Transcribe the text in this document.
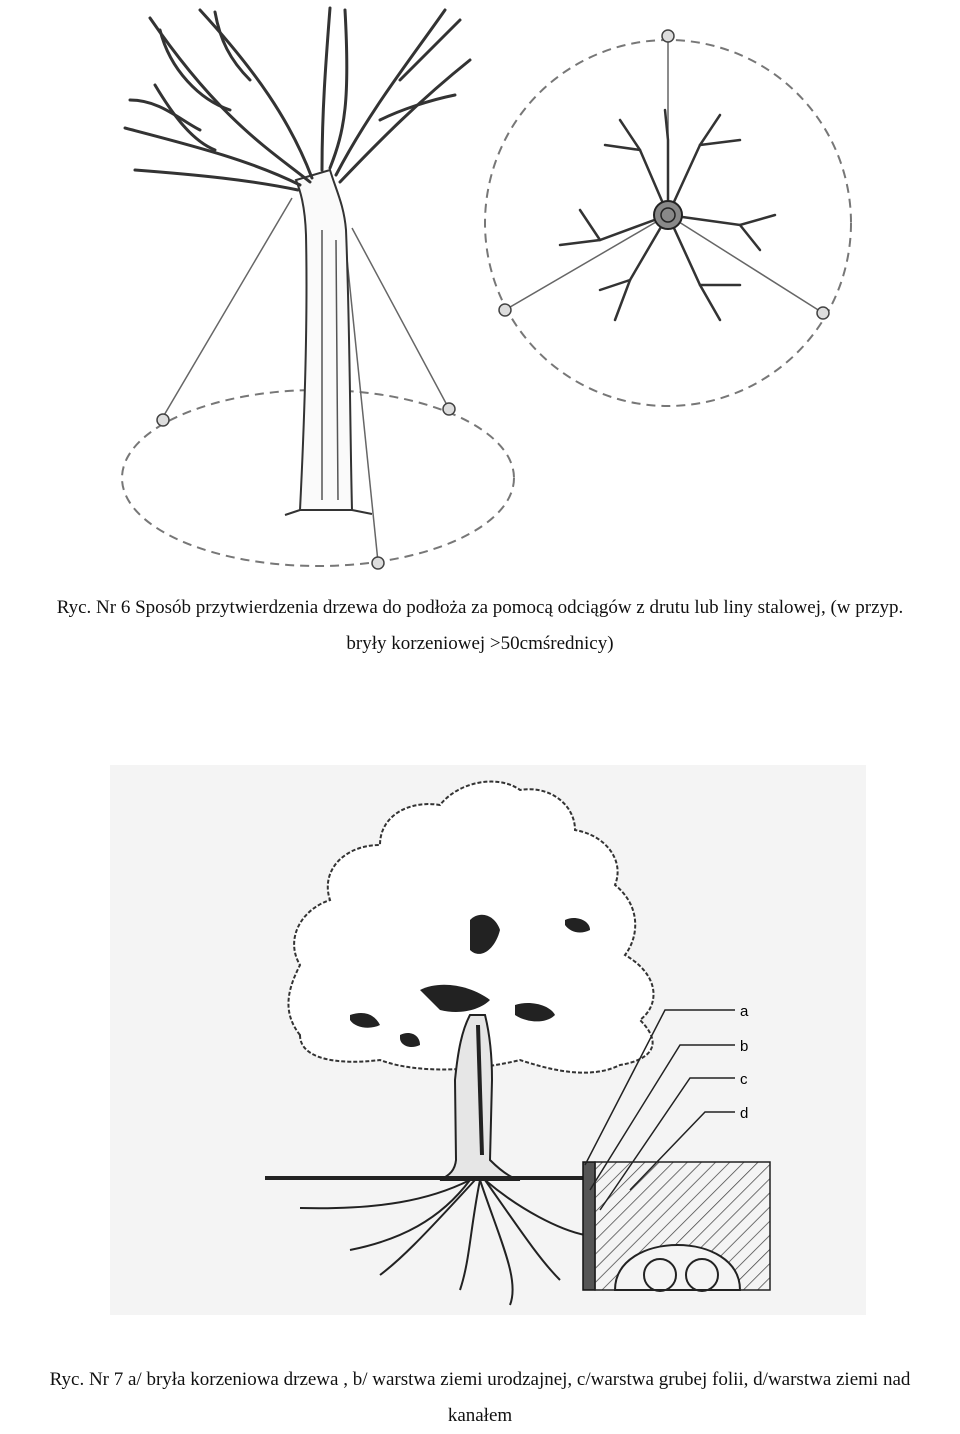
Ryc. Nr 6 Sposób przytwierdzenia drzewa do podłoża za pomocą odciągów z drutu lub liny stalowej, (w przyp.
bryły korzeniowej >50cmśrednicy)

a
b
c
d

Ryc. Nr 7 a/ bryła korzeniowa drzewa , b/ warstwa ziemi urodzajnej, c/warstwa grubej folii, d/warstwa ziemi nad
kanałem
